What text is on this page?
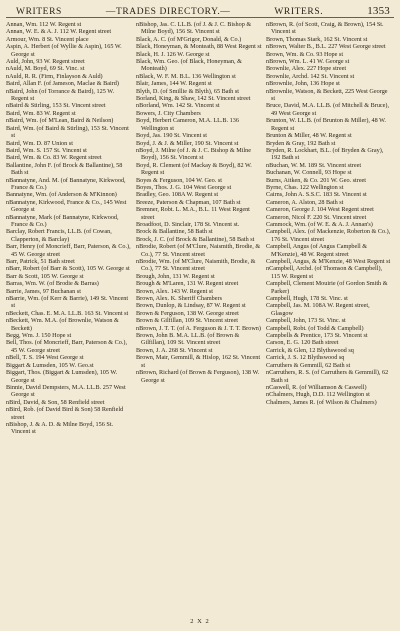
WRITERS	—TRADES DIRECTORY.—	WRITERS.	1353
Annan, Wm. 112 W. Regent st
Annan, W. E. & A. J. 112 W. Regent street
Armour, Wm. 8 St. Vincent place
Aspin, A. Herbert (of Wyllie & Aspin), 165 W. George st
Auld, John, 93 W. Regent street
nAuld, M. Boyd, 69 St. Vinc. st
nAuld, R. R. (Firm, Finlayson & Auld)
Baird, Allan F. (of Jameson, Maclae & Baird)
nBaird, John (of Torrance & Baird), 125 W. Regent st
nBaird & Stirling, 153 St. Vincent street
Baird, Wm. 83 W. Regent st
nBaird, Wm. (of M'Lean, Baird & Neilson)
Baird, Wm. (of Baird & Stirling), 153 St. Vincent st
Baird, Wm. D. 87 Union st
Baird, Wm. S. 157 St. Vincent st
Baird, Wm. & Co. 83 W. Regent street
Ballantine, John F. (of Brock & Ballantine), 58 Bath st
nBannatyne, And. M. (of Bannatyne, Kirkwood, France & Co.)
Bannatyne, Wm. (of Anderson & M'Kinnon)
nBannatyne, Kirkwood, France & Co., 145 West George st
nBannatyne, Mark (of Bannatyne, Kirkwood, France & Co.)
Barclay, Robert Francis, LL.B. (of Cowan, Clapperton, & Barclay)
Barr, Henry (of Moncrieff, Barr, Paterson, & Co.), 45 W. George street
Barr, Patrick, 51 Bath street
nBarr, Robert (of Barr & Scott), 105 W. George st
Barr & Scott, 105 W. George st
Barras, Wm. W. (of Brodie & Barras)
Barrie, James, 97 Buchanan st
nBarrie, Wm. (of Kerr & Barrie), 149 St. Vincent st
nBeckett, Chas. E. M.A. LL.B. 163 St. Vincent st
nBeckett, Wm. M.A. (of Brownlie, Watson & Beckett)
Begg, Wm. J. 150 Hope st
Bell, Thos. (of Moncrieff, Barr, Paterson & Co.), 45 W. George street
nBell, T. S. 194 West George st
Biggart & Lumsden, 105 W. Geo.st
Biggart, Thos. (Biggart & Lumsden), 105 W. George st
Binnie, David Dempsters, M.A. LL.B. 257 West George st
nBird, David, & Son, 58 Renfield street
nBird, Rob. (of David Bird & Son) 58 Renfield street
nBishop, J. & A. D. & Milne Boyd, 156 St. Vincent st
nBishop, Jas. C. LL.B. (of J. & J. C. Bishop & Milne Boyd), 156 St. Vincent st
Black, A. C. (of M'Grigor, Donald, & Co.)
Black, Honeyman, & Monteath, 88 West Regent st
Black, H. J. 126 W. George st
Black, Wm. Geo. (of Black, Honeyman, & Monteath)
nBlack, W. F. M. B.L. 136 Wellington st
Blair, James, 144 W. Regent st
Blyth, D. (of Smillie & Blyth), 65 Bath st
Borland, King, & Shaw, 142 St. Vincent street
nBorland, Wm. 142 St. Vincent st
Bowers, J. City Chambers
Boyd, Herbert Cameron, M.A. LL.B. 136 Wellington st
Boyd, Jas. 190 St. Vincent st
Boyd, J. & J. & Miller, 190 St. Vincent st
nBoyd, J. Milne (of J. & J. C. Bishop & Milne Boyd), 156 St. Vincent st
Boyd, R. Clement (of Mackay & Boyd), 82 W. Regent st
Boyes & Ferguson, 104 W. Geo. st
Boyes, Thos. J. G. 104 West George st
Bradley, Geo. 108A W. Regent st
Breeze, Paterson & Chapman, 107 Bath st
Bremner, Robt. L. M.A., B.L. 11 West Regent street
Broadfoot, D. Sinclair, 178 St. Vincent st.
Brock & Ballantine, 58 Bath st
Brock, J. C. (of Brock & Ballantine), 58 Bath st
nBrodie, Robert (of M'Clure, Naismith, Brodie, & Co.), 77 St. Vincent street
nBrodie, Wm. (of M'Clure, Naismith, Brodie, & Co.), 77 St. Vincent street
Brough, John, 131 W. Regent st
Brough & M'Laren, 131 W. Regent street
Brown, Alex. 143 W. Regent st
Brown, Alex. K. Sheriff Chambers
Brown, Dunlop, & Lindsay, 87 W. Regent st
Brown & Ferguson, 138 W. George street
Brown & Gilfillan, 109 St. Vincent street
nBrown, J. T. T. (of A. Ferguson & J. T. T. Brown)
Brown, John B. M.A. LL.B. (of Brown & Gilfillan), 109 St. Vincent street
Brown, J. A. 268 St. Vincent st
Brown, Mair, Gemmill, & Hislop, 162 St. Vincent st
nBrown, Richard (of Brown & Ferguson), 138 W. George st
nBrown, R. (of Scott, Craig, & Brown), 154 St. Vincent st
Brown, Thomas Stark, 162 St. Vincent st
nBrown, Walter B., B.L. 227 West George street
Brown, Wm. & Co. 93 Hope st
nBrown, Wm. L. 41 W. George st
Brownlie, Alex. 227 Hope street
Brownlie, Archd. 142 St. Vincent st
nBrownlie, John, 136 Hope st
nBrownlie, Watson, & Beckett, 225 West George st
Bruce, David, M.A. LL.B. (of Mitchell & Bruce), 49 West George st
Brunton, W. LL.B. (of Brunton & Miller), 48 W. Regent st
Brunton & Miller, 48 W. Regent st
Bryden & Gray, 192 Bath st
Bryden, R. Lockhart, B.L. (of Bryden & Gray), 192 Bath st
nBuchan, W. M. 189 St. Vincent street
Buchanan, W. Connell, 93 Hope st
Burns, Aitken, & Co. 201 W. Geo. street
Byrne, Chas. 122 Wellington st
Cairns, John A. S.S.C. 183 St. Vincent st
Cameron, A. Alston, 28 Bath st
Cameron, George J. 104 West Regent street
Cameron, Nicol F. 220 St. Vincent street
Cammock, Wm. (of W. E. & A. J. Annan's)
Campbell, Alex. (of Mackenzie, Roberton & Co.), 176 St. Vincent street
Campbell, Angus (of Angus Campbell & M'Kenzie), 48 W. Regent street
Campbell, Angus, & M'Kenzie, 48 West Regent st
nCampbell, Archd. (of Thomson & Campbell), 115 W. Regent st
Campbell, Clement Mouirie (of Gordon Smith & Parker)
Campbell, Hugh, 178 St. Vinc. st
Campbell, Jas. M. 108A W. Regent street, Glasgow
Campbell, John, 173 St. Vinc. st
Campbell, Robt. (of Todd & Campbell)
Campbells & Prentice, 173 St. Vincent st
Carson, E. G. 120 Bath street
Carrick, & Glen, 12 Blythswood sq
Carrick, J. S. 12 Blythswood sq
Carruthers & Gemmill, 62 Bath st
nCarruthers, R. S. (of Carruthers & Gemmill), 62 Bath st
nCaswell, R. (of Williamson & Caswell)
nChalmers, Hugh, D.D. 112 Wellington st
Chalmers, James R. (of Wilson & Chalmers)
2 X 2
